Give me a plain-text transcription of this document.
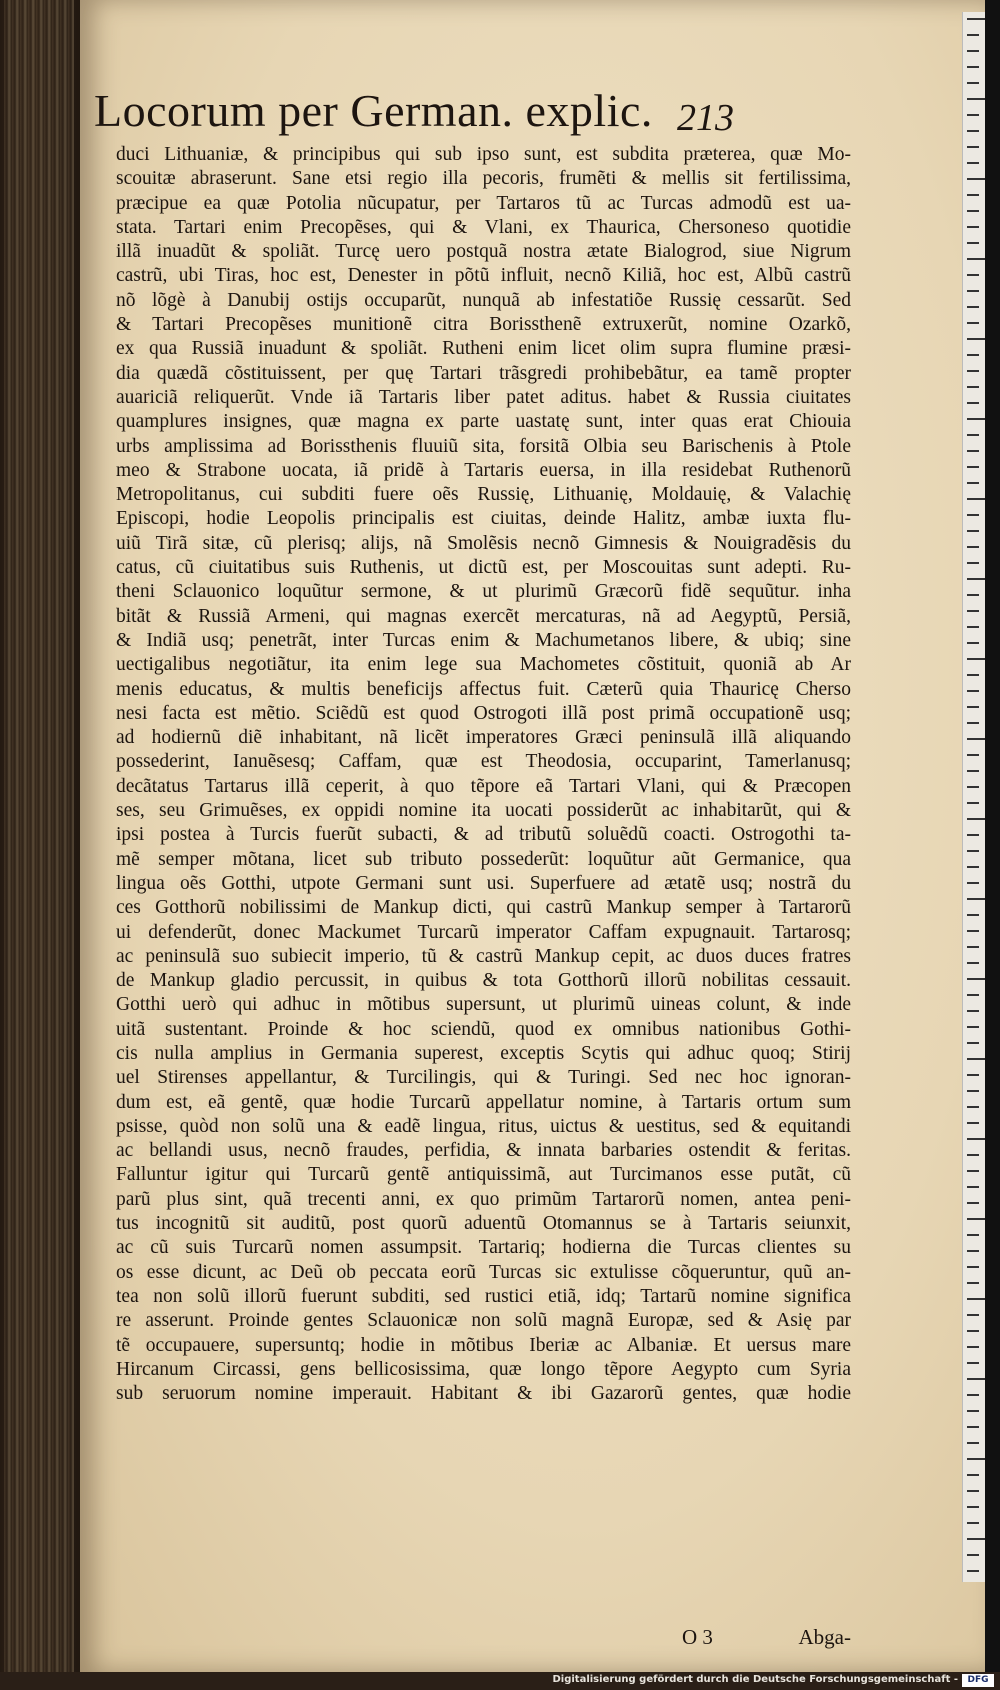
Locorum per German. explic. 213
duci Lithuaniæ, & principibus qui sub ipso sunt, est subdita præterea, quæ Mo-
scouitæ abraserunt. Sane etsi regio illa pecoris, frumẽti & mellis sit fertilissima,
præcipue ea quæ Potolia nũcupatur, per Tartaros tũ ac Turcas admodũ est ua-
stata. Tartari enim Precopẽses, qui & Vlani, ex Thaurica, Chersoneso quotidie
illã inuadũt & spoliãt. Turcę uero postquã nostra ætate Bialogrod, siue Nigrum
castrũ, ubi Tiras, hoc est, Denester in põtũ influit, necnõ Kiliã, hoc est, Albũ castrũ
nõ lõgè à Danubij ostijs occuparũt, nunquã ab infestatiõe Russię cessarũt. Sed
& Tartari Precopẽses munitionẽ citra Borissthenẽ extruxerũt, nomine Ozarkõ,
ex qua Russiã inuadunt & spoliãt. Rutheni enim licet olim supra flumine præsi-
dia quædã cõstituissent, per quę Tartari trãsgredi prohibebãtur, ea tamẽ propter
auariciã reliquerũt. Vnde iã Tartaris liber patet aditus. habet & Russia ciuitates
quamplures insignes, quæ magna ex parte uastatę sunt, inter quas erat Chiouia
urbs amplissima ad Borissthenis fluuiũ sita, forsitã Olbia seu Barischenis à Ptole
meo & Strabone uocata, iã pridẽ à Tartaris euersa, in illa residebat Ruthenorũ
Metropolitanus, cui subditi fuere oẽs Russię, Lithuanię, Moldauię, & Valachię
Episcopi, hodie Leopolis principalis est ciuitas, deinde Halitz, ambæ iuxta flu-
uiũ Tirã sitæ, cũ plerisq; alijs, nã Smolẽsis necnõ Gimnesis & Nouigradẽsis du
catus, cũ ciuitatibus suis Ruthenis, ut dictũ est, per Moscouitas sunt adepti. Ru-
theni Sclauonico loquũtur sermone, & ut plurimũ Græcorũ fidẽ sequũtur. inha
bitãt & Russiã Armeni, qui magnas exercẽt mercaturas, nã ad Aegyptũ, Persiã,
& Indiã usq; penetrãt, inter Turcas enim & Machumetanos libere, & ubiq; sine
uectigalibus negotiãtur, ita enim lege sua Machometes cõstituit, quoniã ab Ar
menis educatus, & multis beneficijs affectus fuit. Cæterũ quia Thauricę Cherso
nesi facta est mẽtio. Sciẽdũ est quod Ostrogoti illã post primã occupationẽ usq;
ad hodiernũ diẽ inhabitant, nã licẽt imperatores Græci peninsulã illã aliquando
possederint, Ianuẽsesq; Caffam, quæ est Theodosia, occuparint, Tamerlanusq;
decãtatus Tartarus illã ceperit, à quo tẽpore eã Tartari Vlani, qui & Præcopen
ses, seu Grimuẽses, ex oppidi nomine ita uocati possiderũt ac inhabitarũt, qui &
ipsi postea à Turcis fuerũt subacti, & ad tributũ soluẽdũ coacti. Ostrogothi ta-
mẽ semper mõtana, licet sub tributo possederũt: loquũtur aũt Germanice, qua
lingua oẽs Gotthi, utpote Germani sunt usi. Superfuere ad ætatẽ usq; nostrã du
ces Gotthorũ nobilissimi de Mankup dicti, qui castrũ Mankup semper à Tartarorũ
ui defenderũt, donec Mackumet Turcarũ imperator Caffam expugnauit. Tartarosq;
ac peninsulã suo subiecit imperio, tũ & castrũ Mankup cepit, ac duos duces fratres
de Mankup gladio percussit, in quibus & tota Gotthorũ illorũ nobilitas cessauit.
Gotthi uerò qui adhuc in mõtibus supersunt, ut plurimũ uineas colunt, & inde
uitã sustentant. Proinde & hoc sciendũ, quod ex omnibus nationibus Gothi-
cis nulla amplius in Germania superest, exceptis Scytis qui adhuc quoq; Stirij
uel Stirenses appellantur, & Turcilingis, qui & Turingi. Sed nec hoc ignoran-
dum est, eã gentẽ, quæ hodie Turcarũ appellatur nomine, à Tartaris ortum sum
psisse, quòd non solũ una & eadẽ lingua, ritus, uictus & uestitus, sed & equitandi
ac bellandi usus, necnõ fraudes, perfidia, & innata barbaries ostendit & feritas.
Falluntur igitur qui Turcarũ gentẽ antiquissimã, aut Turcimanos esse putãt, cũ
parũ plus sint, quã trecenti anni, ex quo primũm Tartarorũ nomen, antea peni-
tus incognitũ sit auditũ, post quorũ aduentũ Otomannus se à Tartaris seiunxit,
ac cũ suis Turcarũ nomen assumpsit. Tartariq; hodierna die Turcas clientes su
os esse dicunt, ac Deũ ob peccata eorũ Turcas sic extulisse cõqueruntur, quũ an-
tea non solũ illorũ fuerunt subditi, sed rustici etiã, idq; Tartarũ nomine significa
re asserunt. Proinde gentes Sclauonicæ non solũ magnã Europæ, sed & Asię par
tẽ occupauere, supersuntq; hodie in mõtibus Iberiæ ac Albaniæ. Et uersus mare
Hircanum Circassi, gens bellicosissima, quæ longo tẽpore Aegypto cum Syria
sub seruorum nomine imperauit. Habitant & ibi Gazarorũ gentes, quæ hodie
O 3	Abga-
Digitalisierung gefördert durch die Deutsche Forschungsgemeinschaft -	DFG
